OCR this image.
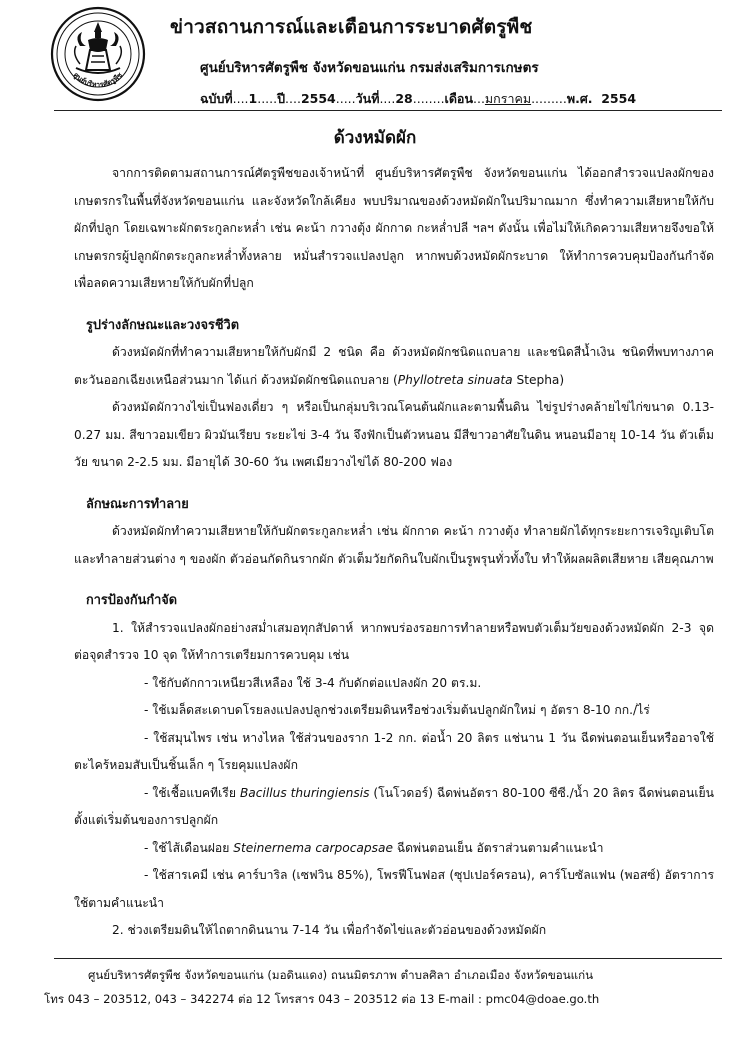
ศูนย์บริหารศัตรูพืช
ข่าวสถานการณ์และเตือนการระบาดศัตรูพืช
ศูนย์บริหารศัตรูพืช จังหวัดขอนแก่น กรมส่งเสริมการเกษตร
ฉบับที่....1.....ปี....2554.....วันที่....28........เดือน...มกราคม.........พ.ศ. 2554
ด้วงหมัดผัก

จากการติดตามสถานการณ์ศัตรูพืชของเจ้าหน้าที่ ศูนย์บริหารศัตรูพืช จังหวัดขอนแก่น ได้ออกสำรวจแปลงผักของเกษตรกรในพื้นที่จังหวัดขอนแก่น และจังหวัดใกล้เคียง พบปริมาณของด้วงหมัดผักในปริมาณมาก ซึ่งทำความเสียหายให้กับผักที่ปลูก โดยเฉพาะผักตระกูลกะหล่ำ เช่น คะน้า กวางตุ้ง ผักกาด กะหล่ำปลี ฯลฯ ดังนั้น เพื่อไม่ให้เกิดความเสียหายจึงขอให้เกษตรกรผู้ปลูกผักตระกูลกะหล่ำทั้งหลาย หมั่นสำรวจแปลงปลูก หากพบด้วงหมัดผักระบาด ให้ทำการควบคุมป้องกันกำจัด เพื่อลดความเสียหายให้กับผักที่ปลูก

รูปร่างลักษณะและวงจรชีวิต

ด้วงหมัดผักที่ทำความเสียหายให้กับผักมี 2 ชนิด คือ ด้วงหมัดผักชนิดแถบลาย และชนิดสีน้ำเงิน ชนิดที่พบทางภาคตะวันออกเฉียงเหนือส่วนมาก ได้แก่ ด้วงหมัดผักชนิดแถบลาย (Phyllotreta sinuata Stepha)

ด้วงหมัดผักวางไข่เป็นฟองเดี่ยว ๆ หรือเป็นกลุ่มบริเวณโคนต้นผักและตามพื้นดิน ไข่รูปร่างคล้ายไข่ไก่ขนาด 0.13-0.27 มม. สีขาวอมเขียว ผิวมันเรียบ ระยะไข่ 3-4 วัน จึงฟักเป็นตัวหนอน มีสีขาวอาศัยในดิน หนอนมีอายุ 10-14 วัน ตัวเต็มวัย ขนาด 2-2.5 มม. มีอายุได้ 30-60 วัน เพศเมียวางไข่ได้ 80-200 ฟอง

ลักษณะการทำลาย

ด้วงหมัดผักทำความเสียหายให้กับผักตระกูลกะหล่ำ เช่น ผักกาด คะน้า กวางตุ้ง ทำลายผักได้ทุกระยะการเจริญเติบโต และทำลายส่วนต่าง ๆ ของผัก ตัวอ่อนกัดกินรากผัก ตัวเต็มวัยกัดกินใบผักเป็นรูพรุนทั่วทั้งใบ ทำให้ผลผลิตเสียหาย เสียคุณภาพ

การป้องกันกำจัด

1. ให้สำรวจแปลงผักอย่างสม่ำเสมอทุกสัปดาห์ หากพบร่องรอยการทำลายหรือพบตัวเต็มวัยของด้วงหมัดผัก 2-3 จุดต่อจุดสำรวจ 10 จุด ให้ทำการเตรียมการควบคุม เช่น

- ใช้กับดักกาวเหนียวสีเหลือง ใช้ 3-4 กับดักต่อแปลงผัก 20 ตร.ม.

- ใช้เมล็ดสะเดาบดโรยลงแปลงปลูกช่วงเตรียมดินหรือช่วงเริ่มต้นปลูกผักใหม่ ๆ อัตรา 8-10 กก./ไร่

- ใช้สมุนไพร เช่น หางไหล ใช้ส่วนของราก 1-2 กก. ต่อน้ำ 20 ลิตร แช่นาน 1 วัน ฉีดพ่นตอนเย็นหรืออาจใช้ตะไคร้หอมสับเป็นชิ้นเล็ก ๆ โรยคุมแปลงผัก

- ใช้เชื้อแบคทีเรีย Bacillus thuringiensis (โนโวดอร์) ฉีดพ่นอัตรา 80-100 ซีซี./น้ำ 20 ลิตร ฉีดพ่นตอนเย็นตั้งแต่เริ่มต้นของการปลูกผัก

- ใช้ไส้เดือนฝอย Steinernema carpocapsae ฉีดพ่นตอนเย็น อัตราส่วนตามคำแนะนำ

- ใช้สารเคมี เช่น คาร์บาริล (เซฟวิน 85%), โพรฟีโนฟอส (ซุปเปอร์ครอน), คาร์โบซัลแฟน (พอสซ์) อัตราการใช้ตามคำแนะนำ

2. ช่วงเตรียมดินให้ไถตากดินนาน 7-14 วัน เพื่อกำจัดไข่และตัวอ่อนของด้วงหมัดผัก

ศูนย์บริหารศัตรูพืช จังหวัดขอนแก่น (มอดินแดง) ถนนมิตรภาพ ตำบลศิลา อำเภอเมือง จังหวัดขอนแก่น
โทร 043 – 203512, 043 – 342274 ต่อ 12 โทรสาร 043 – 203512 ต่อ 13 E-mail : pmc04@doae.go.th
